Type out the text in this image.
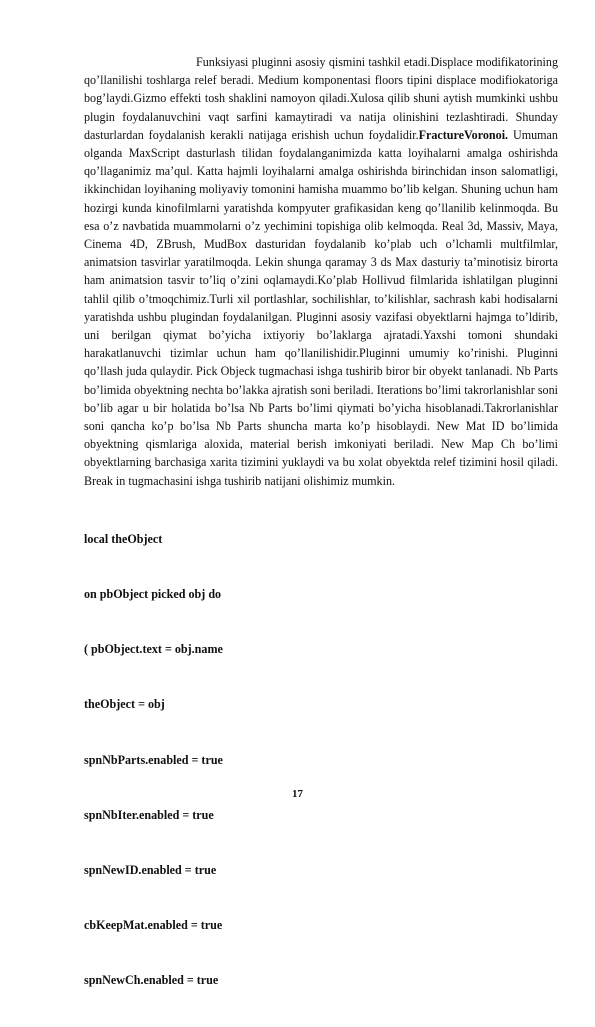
Funksiyasi pluginni asosiy qismini tashkil etadi.Displace modifikatorining qo’llanilishi toshlarga relef beradi. Medium komponentasi floors tipini displace modifiokatoriga bog’laydi.Gizmo effekti tosh shaklini namoyon qiladi.Xulosa qilib shuni aytish mumkinki ushbu plugin foydalanuvchini vaqt sarfini kamaytiradi va natija olinishini tezlashtiradi. Shunday dasturlardan foydalanish kerakli natijaga erishish uchun foydalidir.FractureVoronoi. Umuman olganda MaxScript dasturlash tilidan foydalanganimizda katta loyihalarni amalga oshirishda qo’llaganimiz ma’qul. Katta hajmli loyihalarni amalga oshirishda birinchidan inson salomatligi, ikkinchidan loyihaning moliyaviy tomonini hamisha muammo bo’lib kelgan. Shuning uchun ham hozirgi kunda kinofilmlarni yaratishda kompyuter grafikasidan keng qo’llanilib kelinmoqda. Bu esa o’z navbatida muammolarni o’z yechimini topishiga olib kelmoqda. Real 3d, Massiv, Maya, Cinema 4D, ZBrush, MudBox dasturidan foydalanib ko’plab uch o’lchamli multfilmlar, animatsion tasvirlar yaratilmoqda. Lekin shunga qaramay 3 ds Max dasturiy ta’minotisiz birorta ham animatsion tasvir to’liq o’zini oqlamaydi.Ko’plab Hollivud filmlarida ishlatilgan pluginni tahlil qilib o’tmoqchimiz.Turli xil portlashlar, sochilishlar, to’kilishlar, sachrash kabi hodisalarni yaratishda ushbu plugindan foydalanilgan. Pluginni asosiy vazifasi obyektlarni hajmga to’ldirib, uni berilgan qiymat bo’yicha ixtiyoriy bo’laklarga ajratadi.Yaxshi tomoni shundaki harakatlanuvchi tizimlar uchun ham qo’llanilishidir.Pluginni umumiy ko’rinishi. Pluginni qo’llash juda qulaydir. Pick Objeck tugmachasi ishga tushirib biror bir obyekt tanlanadi. Nb Parts bo’limida obyektning nechta bo’lakka ajratish soni beriladi. Iterations bo’limi takrorlanishlar soni bo’lib agar u bir holatida bo’lsa Nb Parts bo’limi qiymati bo’yicha hisoblanadi.Takrorlanishlar soni qancha ko’p bo’lsa Nb Parts shuncha marta ko’p hisoblaydi. New Mat ID bo’limida obyektning qismlariga aloxida, material berish imkoniyati beriladi. New Map Ch bo’limi obyektlarning barchasiga xarita tizimini yuklaydi va bu xolat obyektda relef tizimini hosil qiladi. Break in tugmachasini ishga tushirib natijani olishimiz mumkin.

local theObject

on pbObject picked obj do

( pbObject.text = obj.name

theObject = obj

spnNbParts.enabled = true

spnNbIter.enabled = true

spnNewID.enabled = true

cbKeepMat.enabled = true

spnNewCh.enabled = true

17
